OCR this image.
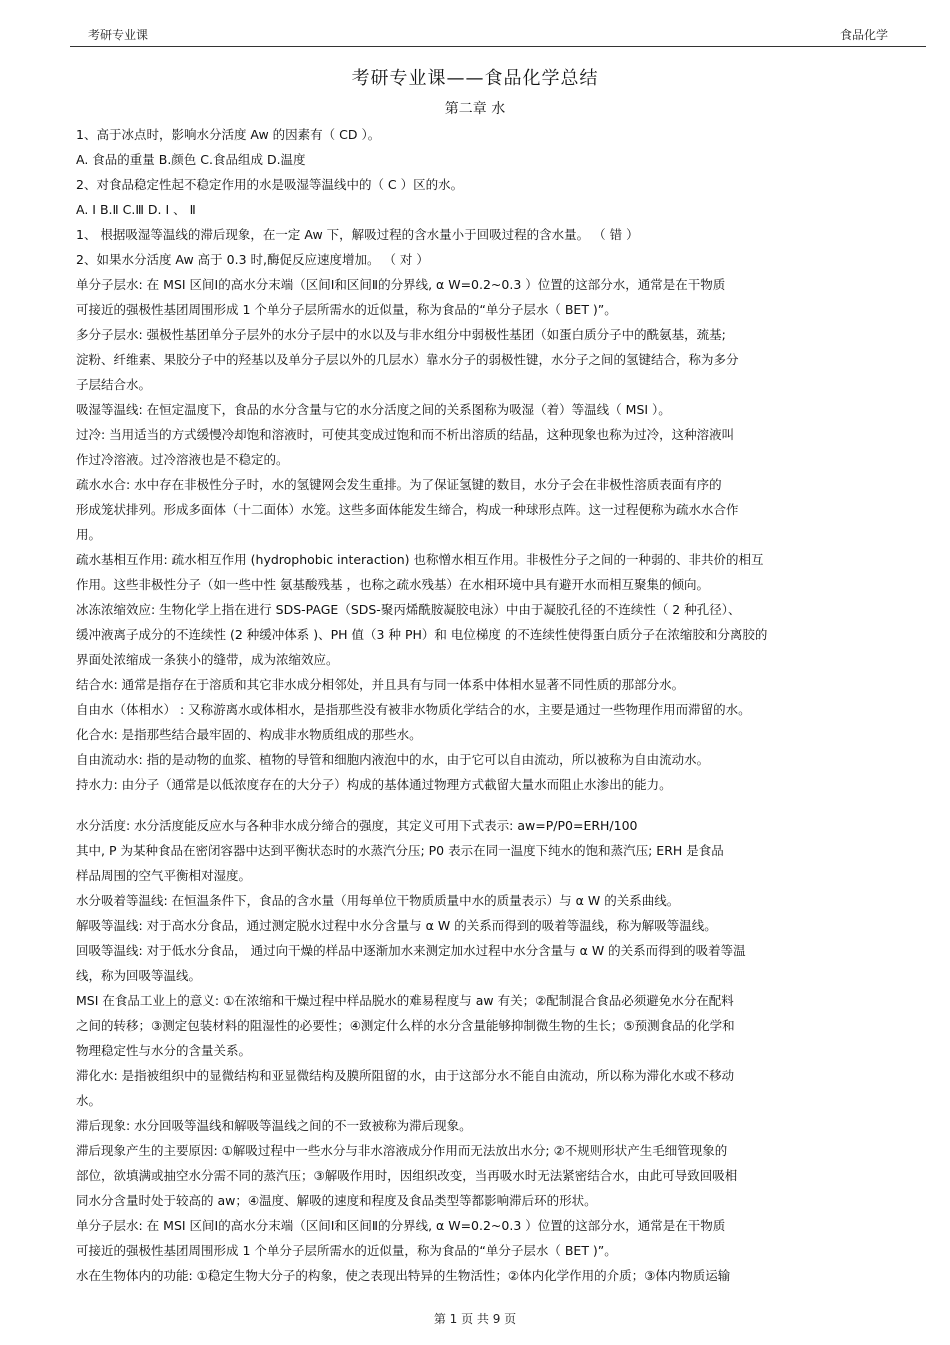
考研专业课	食品化学
考研专业课——食品化学总结
第二章 水
1、高于冰点时，影响水分活度 Aw 的因素有（ CD ）。
A. 食品的重量 B.颜色 C.食品组成 D.温度
2、对食品稳定性起不稳定作用的水是吸湿等温线中的（ C ）区的水。
A. Ⅰ B.Ⅱ C.Ⅲ D. Ⅰ 、 Ⅱ
1、 根据吸湿等温线的滞后现象，在一定 Aw 下，解吸过程的含水量小于回吸过程的含水量。 （ 错 ）
2、如果水分活度 Aw 高于 0.3 时,酶促反应速度增加。 （ 对 ）
单分子层水: 在 MSI 区间Ⅰ的高水分末端（区间Ⅰ和区间Ⅱ的分界线, α W=0.2~0.3 ）位置的这部分水，通常是在干物质
可接近的强极性基团周围形成 1 个单分子层所需水的近似量，称为食品的“单分子层水（ BET )”。
多分子层水: 强极性基团单分子层外的水分子层中的水以及与非水组分中弱极性基团（如蛋白质分子中的酰氨基，巯基;
淀粉、纤维素、果胶分子中的羟基以及单分子层以外的几层水）靠水分子的弱极性键，水分子之间的氢键结合，称为多分
子层结合水。
吸湿等温线: 在恒定温度下，食品的水分含量与它的水分活度之间的关系图称为吸湿（着）等温线（ MSI ）。
过冷: 当用适当的方式缓慢冷却饱和溶液时，可使其变成过饱和而不析出溶质的结晶，这种现象也称为过冷，这种溶液叫
作过冷溶液。过冷溶液也是不稳定的。
疏水水合: 水中存在非极性分子时，水的氢键网会发生重排。为了保证氢键的数目，水分子会在非极性溶质表面有序的
形成笼状排列。形成多面体（十二面体）水笼。这些多面体能发生缔合，构成一种球形点阵。这一过程便称为疏水水合作
用。
疏水基相互作用: 疏水相互作用 (hydrophobic interaction) 也称憎水相互作用。非极性分子之间的一种弱的、非共价的相互
作用。这些非极性分子（如一些中性 氨基酸残基 ，也称之疏水残基）在水相环境中具有避开水而相互聚集的倾向。
冰冻浓缩效应: 生物化学上指在进行 SDS-PAGE（SDS-聚丙烯酰胺凝胶电泳）中由于凝胶孔径的不连续性（ 2 种孔径）、
缓冲液离子成分的不连续性 (2 种缓冲体系 )、PH 值（3 种 PH）和 电位梯度 的不连续性使得蛋白质分子在浓缩胶和分离胶的
界面处浓缩成一条狭小的缝带，成为浓缩效应。
结合水: 通常是指存在于溶质和其它非水成分相邻处，并且具有与同一体系中体相水显著不同性质的那部分水。
自由水（体相水） : 又称游离水或体相水，是指那些没有被非水物质化学结合的水，主要是通过一些物理作用而滞留的水。
化合水: 是指那些结合最牢固的、构成非水物质组成的那些水。
自由流动水: 指的是动物的血浆、植物的导管和细胞内液泡中的水，由于它可以自由流动，所以被称为自由流动水。
持水力: 由分子（通常是以低浓度存在的大分子）构成的基体通过物理方式截留大量水而阻止水渗出的能力。
水分活度: 水分活度能反应水与各种非水成分缔合的强度，其定义可用下式表示: aw=P/P0=ERH/100
其中, P 为某种食品在密闭容器中达到平衡状态时的水蒸汽分压; P0 表示在同一温度下纯水的饱和蒸汽压; ERH 是食品
样品周围的空气平衡相对湿度。
水分吸着等温线: 在恒温条件下，食品的含水量（用每单位干物质质量中水的质量表示）与 α W 的关系曲线。
解吸等温线: 对于高水分食品，通过测定脱水过程中水分含量与 α W 的关系而得到的吸着等温线，称为解吸等温线。
回吸等温线: 对于低水分食品， 通过向干燥的样品中逐渐加水来测定加水过程中水分含量与 α W 的关系而得到的吸着等温
线，称为回吸等温线。
MSI 在食品工业上的意义: ①在浓缩和干燥过程中样品脱水的难易程度与 aw 有关；②配制混合食品必须避免水分在配料
之间的转移；③测定包装材料的阻湿性的必要性；④测定什么样的水分含量能够抑制微生物的生长；⑤预测食品的化学和
物理稳定性与水分的含量关系。
滞化水: 是指被组织中的显微结构和亚显微结构及膜所阻留的水，由于这部分水不能自由流动，所以称为滞化水或不移动
水。
滞后现象: 水分回吸等温线和解吸等温线之间的不一致被称为滞后现象。
滞后现象产生的主要原因: ①解吸过程中一些水分与非水溶液成分作用而无法放出水分; ②不规则形状产生毛细管现象的
部位，欲填满或抽空水分需不同的蒸汽压；③解吸作用时，因组织改变，当再吸水时无法紧密结合水，由此可导致回吸相
同水分含量时处于较高的 aw；④温度、解吸的速度和程度及食品类型等都影响滞后环的形状。
单分子层水: 在 MSI 区间Ⅰ的高水分末端（区间Ⅰ和区间Ⅱ的分界线, α W=0.2~0.3 ）位置的这部分水，通常是在干物质
可接近的强极性基团周围形成 1 个单分子层所需水的近似量，称为食品的“单分子层水（ BET )”。
水在生物体内的功能: ①稳定生物大分子的构象，使之表现出特异的生物活性；②体内化学作用的介质；③体内物质运输
第 1 页 共 9 页
